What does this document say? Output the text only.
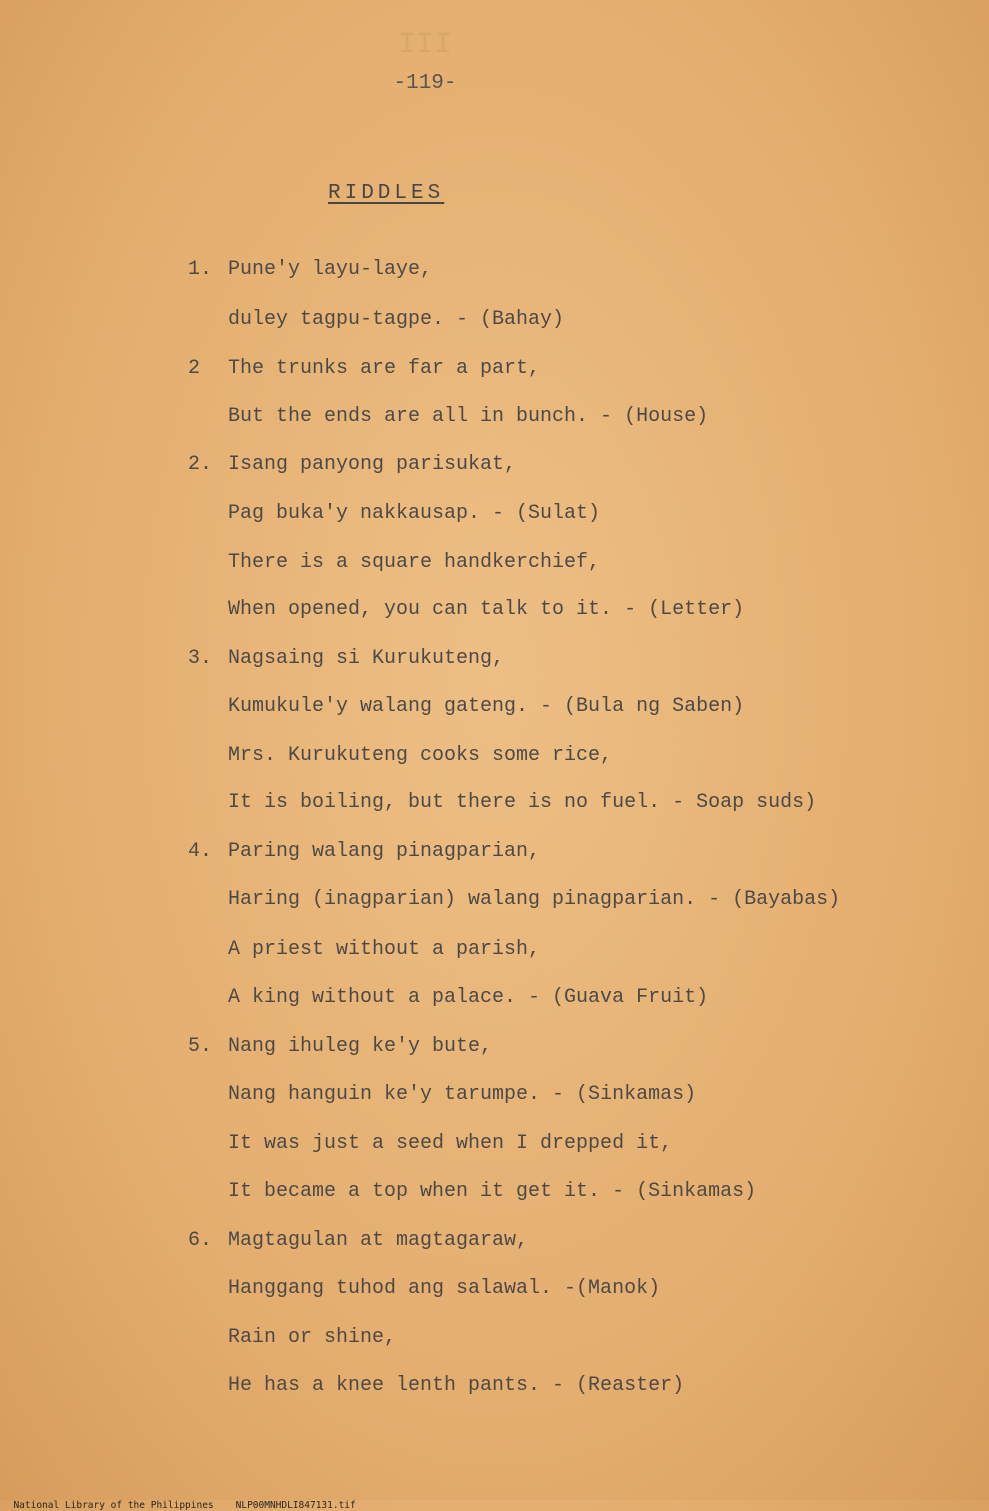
III
-119-
RIDDLES
1. Pune'y layu-laye,
duley tagpu-tagpe. - (Bahay)
2 The trunks are far a part,
But the ends are all in bunch. - (House)
2. Isang panyong parisukat,
Pag buka'y nakkausap. - (Sulat)
There is a square handkerchief,
When opened, you can talk to it. - (Letter)
3. Nagsaing si Kurukuteng,
Kumukule'y walang gateng. - (Bula ng Saben)
Mrs. Kurukuteng cooks some rice,
It is boiling, but there is no fuel. - Soap suds)
4. Paring walang pinagparian,
Haring (inagparian) walang pinagparian. - (Bayabas)
A priest without a parish,
A king without a palace. - (Guava Fruit)
5. Nang ihuleg ke'y bute,
Nang hanguin ke'y tarumpe. - (Sinkamas)
It was just a seed when I drepped it,
It became a top when it get it. - (Sinkamas)
6. Magtagulan at magtagaraw,
Hanggang tuhod ang salawal. -(Manok)
Rain or shine,
He has a knee lenth pants. - (Reaster)

National Library of the Philippines NLP00MNHDLI847131.tif
